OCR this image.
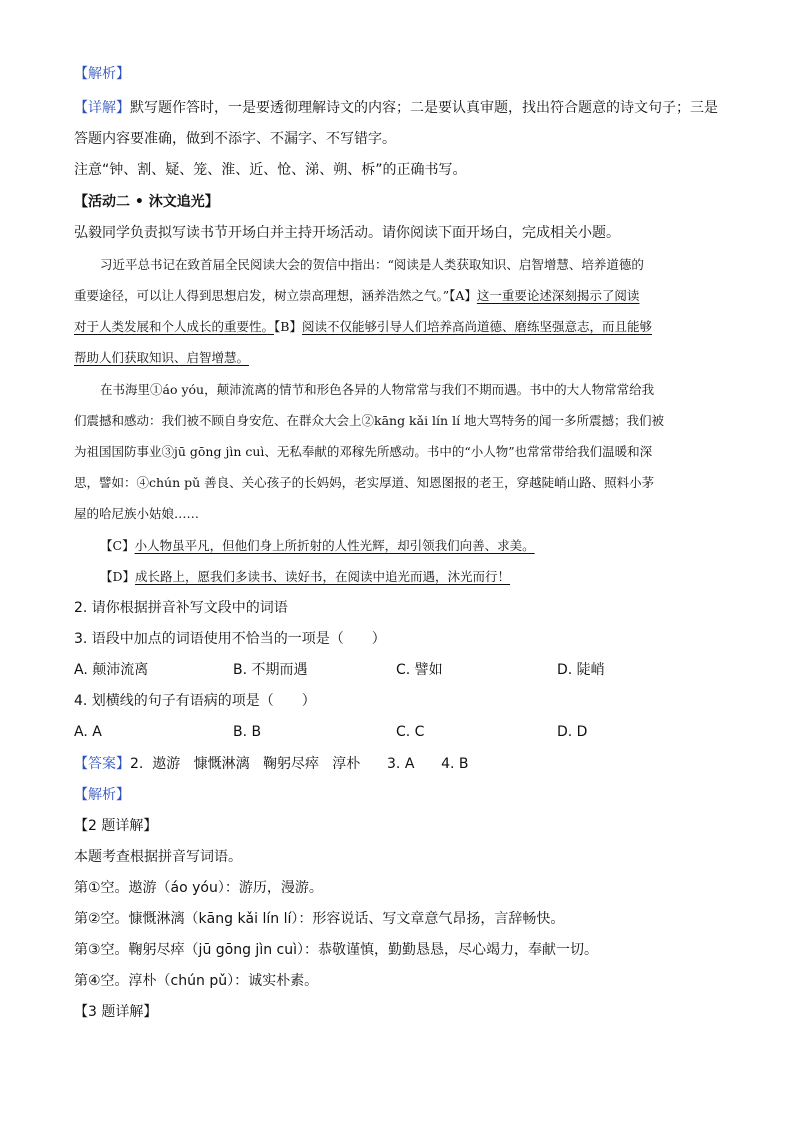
【解析】
【详解】默写题作答时，一是要透彻理解诗文的内容；二是要认真审题，找出符合题意的诗文句子；三是
答题内容要准确，做到不添字、不漏字、不写错字。
注意“钟、割、疑、笼、淮、近、怆、涕、朔、柝”的正确书写。
【活动二 • 沐文追光】
弘毅同学负责拟写读书节开场白并主持开场活动。请你阅读下面开场白，完成相关小题。
习近平总书记在致首届全民阅读大会的贺信中指出：“阅读是人类获取知识、启智增慧、培养道德的
重要途径，可以让人得到思想启发，树立崇高理想，涵养浩然之气。”【A】这一重要论述深刻揭示了阅读
对于人类发展和个人成长的重要性。【B】阅读不仅能够引导人们培养高尚道德、磨练坚强意志，而且能够
帮助人们获取知识、启智增慧。
在书海里①áo yóu，颠沛流离的情节和形色各异的人物常常与我们不期而遇。书中的大人物常常给我
们震撼和感动：我们被不顾自身安危、在群众大会上②kāng kǎi lín lí 地大骂特务的闻一多所震撼；我们被
为祖国国防事业③jū gōng jìn cuì、无私奉献的邓稼先所感动。书中的“小人物”也常常带给我们温暖和深
思，譬如：④chún pǔ 善良、关心孩子的长妈妈，老实厚道、知恩图报的老王，穿越陡峭山路、照料小茅
屋的哈尼族小姑娘……
【C】小人物虽平凡，但他们身上所折射的人性光辉，却引领我们向善、求美。
【D】成长路上，愿我们多读书、读好书，在阅读中追光而遇，沐光而行！
2. 请你根据拼音补写文段中的词语
3. 语段中加点的词语使用不恰当的一项是（　　）
A. 颠沛流离	B. 不期而遇	C. 譬如	D. 陡峭
4. 划横线的句子有语病的项是（　　）
A. A	B. B	C. C	D. D
【答案】2.  遨游   慷慨淋漓   鞠躬尽瘁   淳朴      3. A      4. B
【解析】
【2 题详解】
本题考查根据拼音写词语。
第①空。遨游（áo yóu）：游历，漫游。
第②空。慷慨淋漓（kāng kǎi lín lí）：形容说话、写文章意气昂扬，言辞畅快。
第③空。鞠躬尽瘁（jū gōng jìn cuì）：恭敬谨慎，勤勤恳恳，尽心竭力，奉献一切。
第④空。淳朴（chún pǔ）：诚实朴素。
【3 题详解】
